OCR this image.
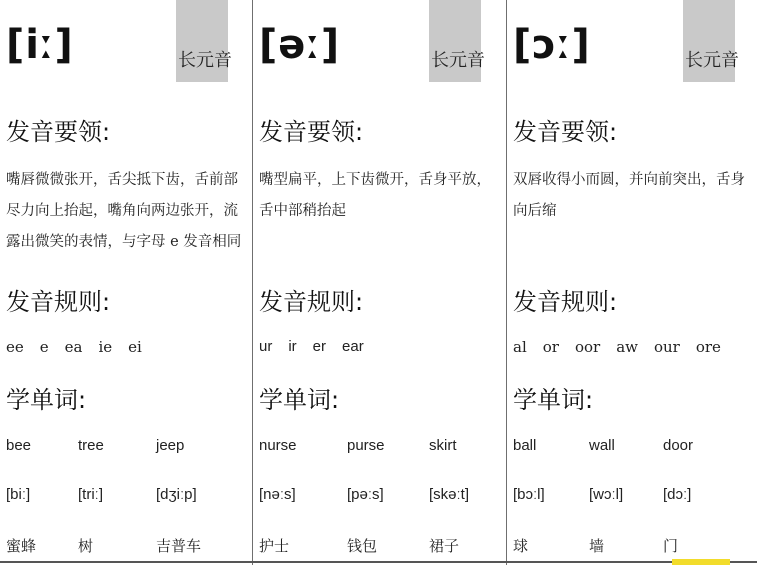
[iː]	长元音
发音要领:
嘴唇微微张开，舌尖抵下齿，舌前部尽力向上抬起，嘴角向两边张开，流露出微笑的表情，与字母 e 发音相同
发音规则:
ee e ea ie ei
学单词:
bee	tree	jeep
[biː]	[triː]	[dʒiːp]
蜜蜂	树	吉普车
[əː]	长元音
发音要领:
嘴型扁平，上下齿微开，舌身平放，舌中部稍抬起
发音规则:
ur ir er ear
学单词:
nurse	purse	skirt
[nəːs]	[pəːs]	[skəːt]
护士	钱包	裙子
[ɔː]	长元音
发音要领:
双唇收得小而圆，并向前突出，舌身向后缩
发音规则:
al or oor aw our ore
学单词:
ball	wall	door
[bɔːl]	[wɔːl]	[dɔː]
球	墙	门
